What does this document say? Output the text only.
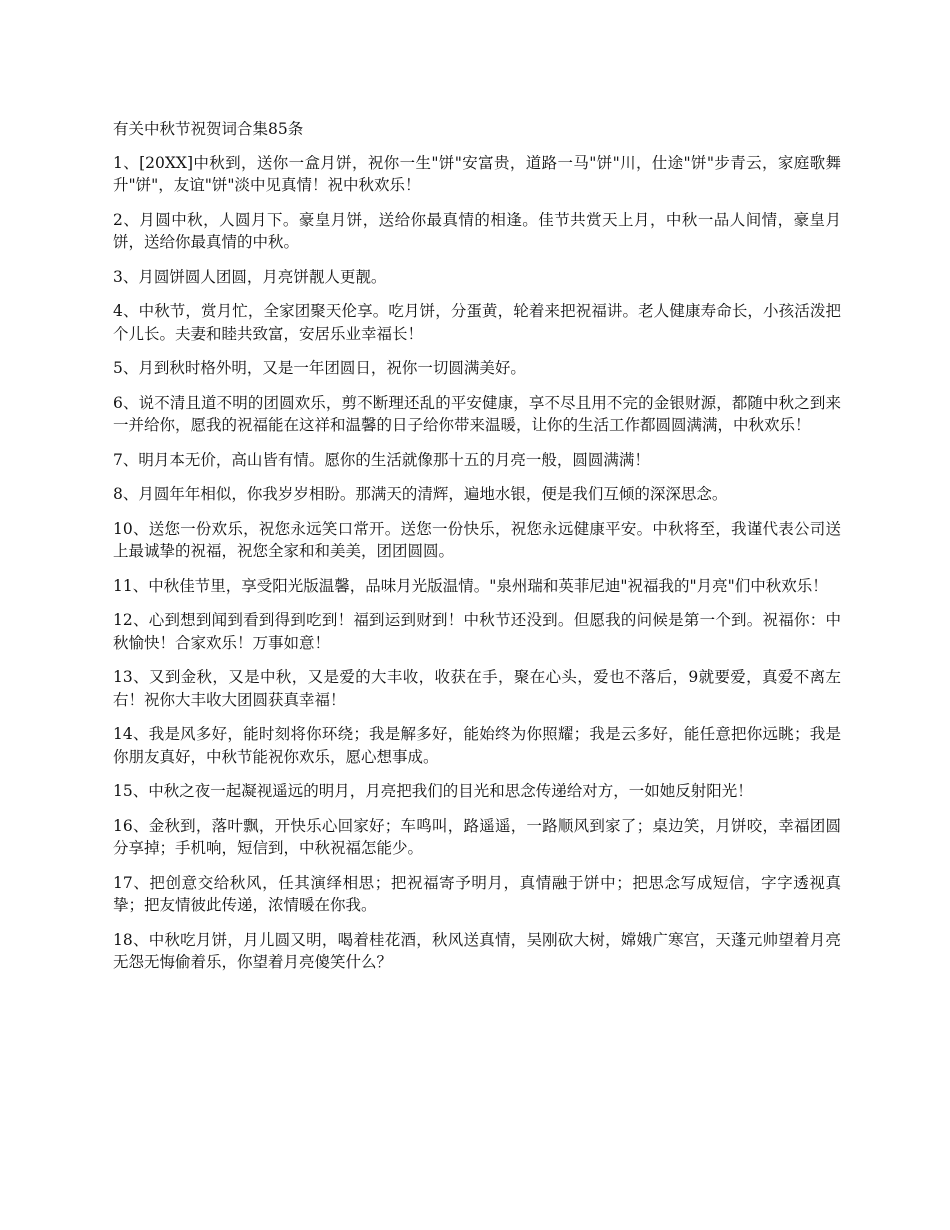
有关中秋节祝贺词合集85条

1、[20XX]中秋到，送你一盒月饼，祝你一生"饼"安富贵，道路一马"饼"川，仕途"饼"步青云，家庭歌舞升"饼"，友谊"饼"淡中见真情！祝中秋欢乐！

2、月圆中秋，人圆月下。豪皇月饼，送给你最真情的相逢。佳节共赏天上月，中秋一品人间情，豪皇月饼，送给你最真情的中秋。

3、月圆饼圆人团圆，月亮饼靓人更靓。

4、中秋节，赏月忙，全家团聚天伦享。吃月饼，分蛋黄，轮着来把祝福讲。老人健康寿命长，小孩活泼把个儿长。夫妻和睦共致富，安居乐业幸福长！

5、月到秋时格外明，又是一年团圆日，祝你一切圆满美好。

6、说不清且道不明的团圆欢乐，剪不断理还乱的平安健康，享不尽且用不完的金银财源，都随中秋之到来一并给你，愿我的祝福能在这祥和温馨的日子给你带来温暖，让你的生活工作都圆圆满满，中秋欢乐！

7、明月本无价，高山皆有情。愿你的生活就像那十五的月亮一般，圆圆满满！

8、月圆年年相似，你我岁岁相盼。那满天的清辉，遍地水银，便是我们互倾的深深思念。

10、送您一份欢乐，祝您永远笑口常开。送您一份快乐，祝您永远健康平安。中秋将至，我谨代表公司送上最诚挚的祝福，祝您全家和和美美，团团圆圆。

11、中秋佳节里，享受阳光版温馨，品味月光版温情。"泉州瑞和英菲尼迪"祝福我的"月亮"们中秋欢乐！

12、心到想到闻到看到得到吃到！福到运到财到！中秋节还没到。但愿我的问候是第一个到。祝福你：中秋愉快！合家欢乐！万事如意！

13、又到金秋，又是中秋，又是爱的大丰收，收获在手，聚在心头，爱也不落后，9就要爱，真爱不离左右！祝你大丰收大团圆获真幸福！

14、我是风多好，能时刻将你环绕；我是解多好，能始终为你照耀；我是云多好，能任意把你远眺；我是你朋友真好，中秋节能祝你欢乐，愿心想事成。

15、中秋之夜一起凝视遥远的明月，月亮把我们的目光和思念传递给对方，一如她反射阳光！

16、金秋到，落叶飘，开快乐心回家好；车鸣叫，路遥遥，一路顺风到家了；桌边笑，月饼咬，幸福团圆分享掉；手机响，短信到，中秋祝福怎能少。

17、把创意交给秋风，任其演绎相思；把祝福寄予明月，真情融于饼中；把思念写成短信，字字透视真挚；把友情彼此传递，浓情暖在你我。

18、中秋吃月饼，月儿圆又明，喝着桂花酒，秋风送真情，吴刚砍大树，嫦娥广寒宫，天蓬元帅望着月亮无怨无悔偷着乐，你望着月亮傻笑什么？
